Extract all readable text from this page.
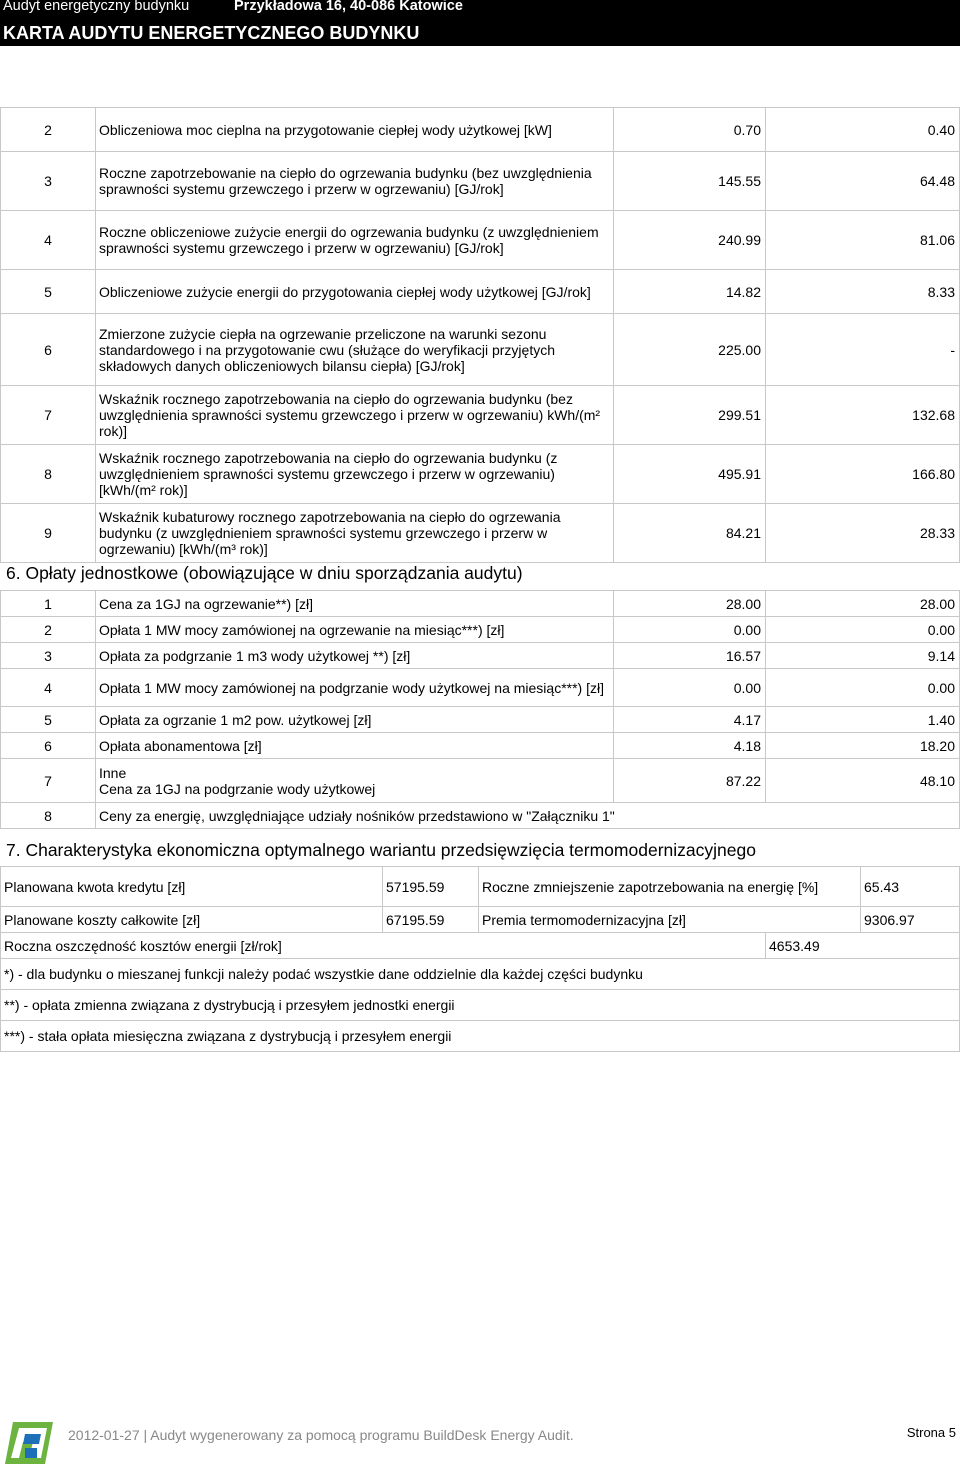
Audyt energetyczny budynku	Przykładowa 16, 40-086 Katowice
KARTA AUDYTU ENERGETYCZNEGO BUDYNKU
2	Obliczeniowa moc cieplna na przygotowanie ciepłej wody użytkowej [kW]	0.70	0.40
3	Roczne zapotrzebowanie na ciepło do ogrzewania budynku (bez uwzględnienia sprawności systemu grzewczego i przerw w ogrzewaniu) [GJ/rok]	145.55	64.48
4	Roczne obliczeniowe zużycie energii do ogrzewania budynku (z uwzględnieniem sprawności systemu grzewczego i przerw w ogrzewaniu) [GJ/rok]	240.99	81.06
5	Obliczeniowe zużycie energii do przygotowania ciepłej wody użytkowej [GJ/rok]	14.82	8.33
6	Zmierzone zużycie ciepła na ogrzewanie przeliczone na warunki sezonu standardowego i na przygotowanie cwu (służące do weryfikacji przyjętych składowych danych obliczeniowych bilansu ciepła) [GJ/rok]	225.00	-
7	Wskaźnik rocznego zapotrzebowania na ciepło do ogrzewania budynku (bez uwzględnienia sprawności systemu grzewczego i przerw w ogrzewaniu) kWh/(m² rok)]	299.51	132.68
8	Wskaźnik rocznego zapotrzebowania na ciepło do ogrzewania budynku (z uwzględnieniem sprawności systemu grzewczego i przerw w ogrzewaniu) [kWh/(m² rok)]	495.91	166.80
9	Wskaźnik kubaturowy rocznego zapotrzebowania na ciepło do ogrzewania budynku (z uwzględnieniem sprawności systemu grzewczego i przerw w ogrzewaniu) [kWh/(m³ rok)]	84.21	28.33
6. Opłaty jednostkowe (obowiązujące w dniu sporządzania audytu)
1	Cena za 1GJ na ogrzewanie**) [zł]	28.00	28.00
2	Opłata 1 MW mocy zamówionej na ogrzewanie na miesiąc***) [zł]	0.00	0.00
3	Opłata za podgrzanie 1 m3 wody użytkowej **) [zł]	16.57	9.14
4	Opłata 1 MW mocy zamówionej na podgrzanie wody użytkowej na miesiąc***) [zł]	0.00	0.00
5	Opłata za ogrzanie 1 m2 pow. użytkowej [zł]	4.17	1.40
6	Opłata abonamentowa [zł]	4.18	18.20
7	Inne
Cena za 1GJ na podgrzanie wody użytkowej	87.22	48.10
8	Ceny za energię, uwzględniające udziały nośników przedstawiono w "Załączniku 1"		
7. Charakterystyka ekonomiczna optymalnego wariantu przedsięwzięcia termomodernizacyjnego
Planowana kwota kredytu [zł]	57195.59	Roczne zmniejszenie zapotrzebowania na energię [%]	65.43
Planowane koszty całkowite [zł]	67195.59	Premia termomodernizacyjna [zł]	9306.97
Roczna oszczędność kosztów energii [zł/rok]	4653.49
*) - dla budynku o mieszanej funkcji należy podać wszystkie dane oddzielnie dla każdej części budynku
**) - opłata zmienna związana z dystrybucją i przesyłem jednostki energii
***) - stała opłata miesięczna związana z dystrybucją i przesyłem energii
2012-01-27 | Audyt wygenerowany za pomocą programu BuildDesk Energy Audit.	Strona 5
